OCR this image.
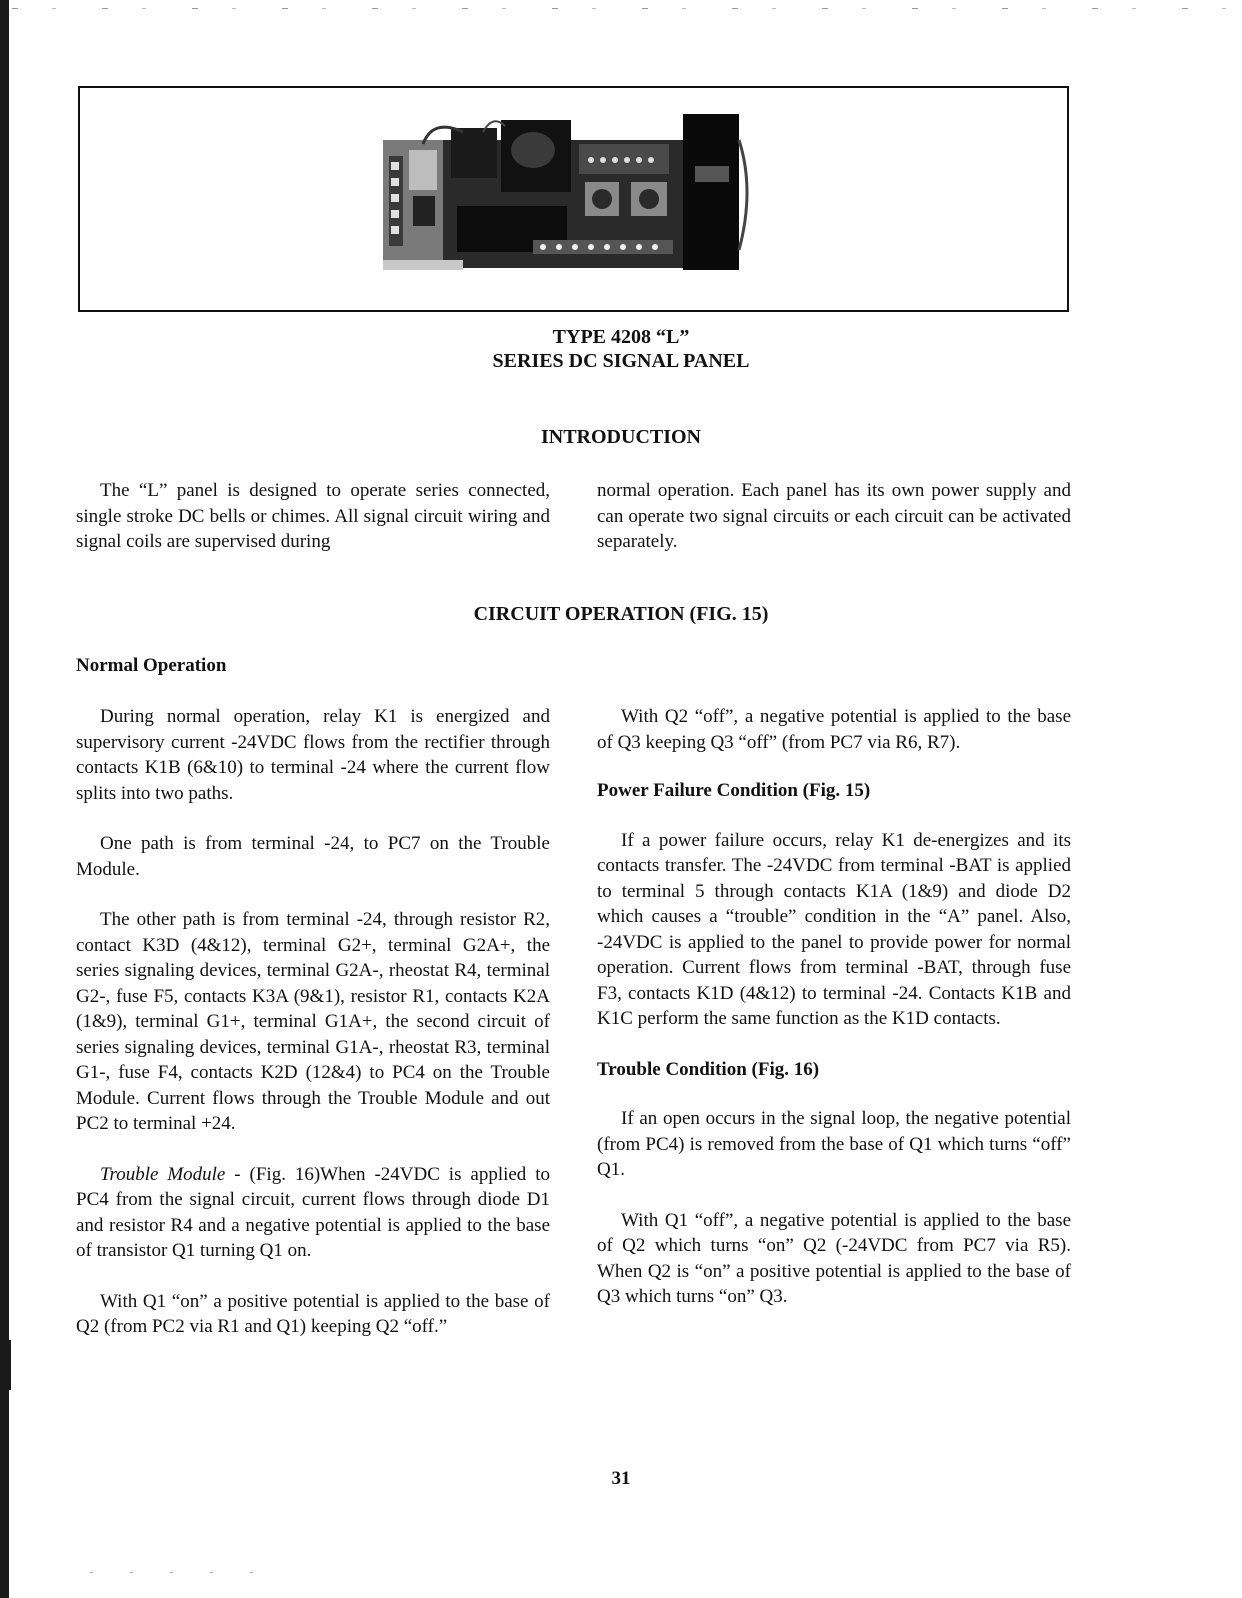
TYPE 4208 “L”
SERIES DC SIGNAL PANEL
INTRODUCTION

The “L” panel is designed to operate series connected, single stroke DC bells or chimes. All signal circuit wiring and signal coils are supervised during

normal operation. Each panel has its own power supply and can operate two signal circuits or each circuit can be activated separately.

CIRCUIT OPERATION (FIG. 15)
Normal Operation

During normal operation, relay K1 is energized and supervisory current -24VDC flows from the rectifier through contacts K1B (6&10) to terminal -24 where the current flow splits into two paths.

One path is from terminal -24, to PC7 on the Trouble Module.

The other path is from terminal -24, through resistor R2, contact K3D (4&12), terminal G2+, terminal G2A+, the series signaling devices, terminal G2A-, rheostat R4, terminal G2-, fuse F5, contacts K3A (9&1), resistor R1, contacts K2A (1&9), terminal G1+, terminal G1A+, the second circuit of series signaling devices, terminal G1A-, rheostat R3, terminal G1-, fuse F4, contacts K2D (12&4) to PC4 on the Trouble Module. Current flows through the Trouble Module and out PC2 to terminal +24.

Trouble Module - (Fig. 16)When -24VDC is applied to PC4 from the signal circuit, current flows through diode D1 and resistor R4 and a negative potential is applied to the base of transistor Q1 turning Q1 on.

With Q1 “on” a positive potential is applied to the base of Q2 (from PC2 via R1 and Q1) keeping Q2 “off.”

With Q2 “off”, a negative potential is applied to the base of Q3 keeping Q3 “off” (from PC7 via R6, R7).

Power Failure Condition (Fig. 15)

If a power failure occurs, relay K1 de-energizes and its contacts transfer. The -24VDC from terminal -BAT is applied to terminal 5 through contacts K1A (1&9) and diode D2 which causes a “trouble” condition in the “A” panel. Also, -24VDC is applied to the panel to provide power for normal operation. Current flows from terminal -BAT, through fuse F3, contacts K1D (4&12) to terminal -24. Contacts K1B and K1C perform the same function as the K1D contacts.

Trouble Condition (Fig. 16)

If an open occurs in the signal loop, the negative potential (from PC4) is removed from the base of Q1 which turns “off” Q1.

With Q1 “off”, a negative potential is applied to the base of Q2 which turns “on” Q2 (-24VDC from PC7 via R5). When Q2 is “on” a positive potential is applied to the base of Q3 which turns “on” Q3.

31
